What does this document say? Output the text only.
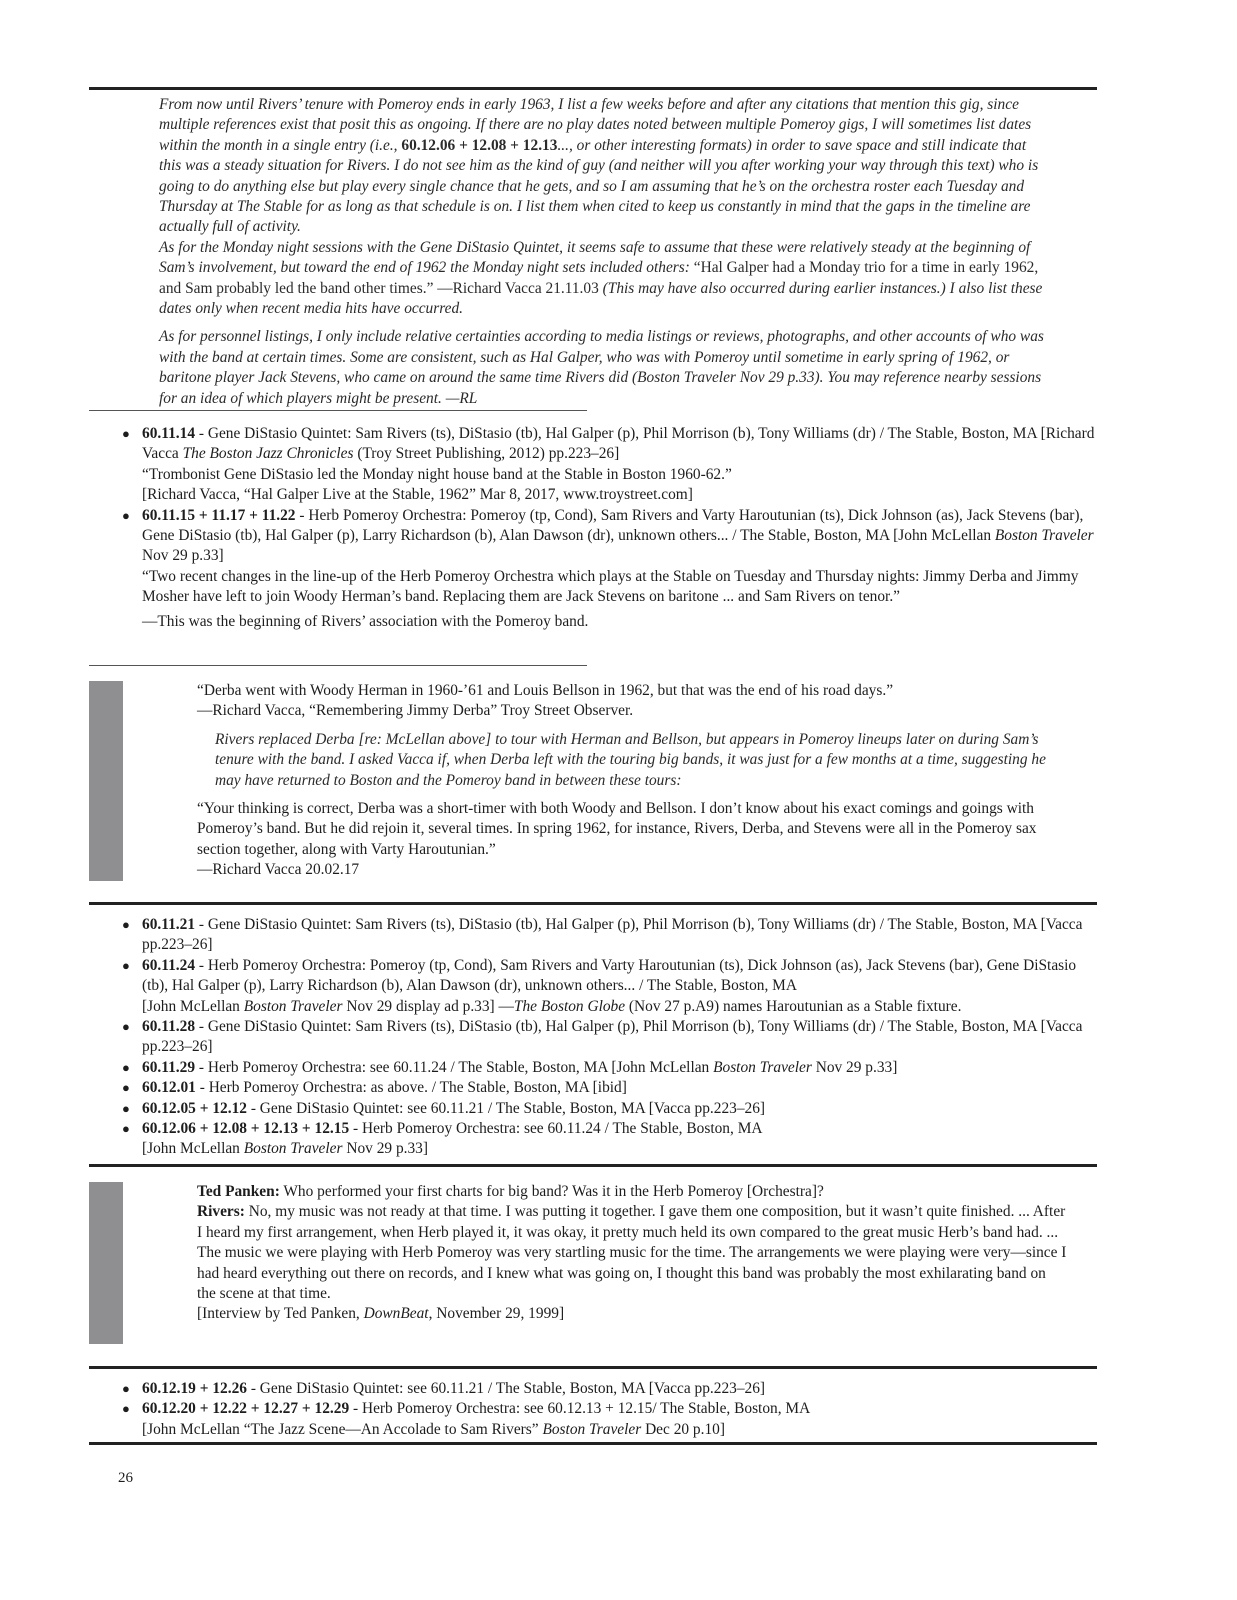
From now until Rivers’ tenure with Pomeroy ends in early 1963, I list a few weeks before and after any citations that mention this gig, since multiple references exist that posit this as ongoing. If there are no play dates noted between multiple Pomeroy gigs, I will sometimes list dates within the month in a single entry (i.e., 60.12.06 + 12.08 + 12.13..., or other interesting formats) in order to save space and still indicate that this was a steady situation for Rivers. I do not see him as the kind of guy (and neither will you after working your way through this text) who is going to do anything else but play every single chance that he gets, and so I am assuming that he’s on the orchestra roster each Tuesday and Thursday at The Stable for as long as that schedule is on. I list them when cited to keep us constantly in mind that the gaps in the timeline are actually full of activity.

As for the Monday night sessions with the Gene DiStasio Quintet, it seems safe to assume that these were relatively steady at the beginning of Sam’s involvement, but toward the end of 1962 the Monday night sets included others: “Hal Galper had a Monday trio for a time in early 1962, and Sam probably led the band other times.” —Richard Vacca 21.11.03 (This may have also occurred during earlier instances.) I also list these dates only when recent media hits have occurred.

As for personnel listings, I only include relative certainties according to media listings or reviews, photographs, and other accounts of who was with the band at certain times. Some are consistent, such as Hal Galper, who was with Pomeroy until sometime in early spring of 1962, or baritone player Jack Stevens, who came on around the same time Rivers did (Boston Traveler Nov 29 p.33). You may reference nearby sessions for an idea of which players might be present. —RL

● 60.11.14 - Gene DiStasio Quintet: Sam Rivers (ts), DiStasio (tb), Hal Galper (p), Phil Morrison (b), Tony Williams (dr) / The Stable, Boston, MA [Richard Vacca The Boston Jazz Chronicles (Troy Street Publishing, 2012) pp.223–26]
“Trombonist Gene DiStasio led the Monday night house band at the Stable in Boston 1960-62.”
[Richard Vacca, “Hal Galper Live at the Stable, 1962” Mar 8, 2017, www.troystreet.com]
● 60.11.15 + 11.17 + 11.22 - Herb Pomeroy Orchestra: Pomeroy (tp, Cond), Sam Rivers and Varty Haroutunian (ts), Dick Johnson (as), Jack Stevens (bar), Gene DiStasio (tb), Hal Galper (p), Larry Richardson (b), Alan Dawson (dr), unknown others... / The Stable, Boston, MA [John McLellan Boston Traveler Nov 29 p.33]
“Two recent changes in the line-up of the Herb Pomeroy Orchestra which plays at the Stable on Tuesday and Thursday nights: Jimmy Derba and Jimmy Mosher have left to join Woody Herman’s band. Replacing them are Jack Stevens on baritone ... and Sam Rivers on tenor.”
—This was the beginning of Rivers’ association with the Pomeroy band.

“Derba went with Woody Herman in 1960-’61 and Louis Bellson in 1962, but that was the end of his road days.”

—Richard Vacca, “Remembering Jimmy Derba” Troy Street Observer.

Rivers replaced Derba [re: McLellan above] to tour with Herman and Bellson, but appears in Pomeroy lineups later on during Sam’s tenure with the band. I asked Vacca if, when Derba left with the touring big bands, it was just for a few months at a time, suggesting he may have returned to Boston and the Pomeroy band in between these tours:

“Your thinking is correct, Derba was a short-timer with both Woody and Bellson. I don’t know about his exact comings and goings with Pomeroy’s band. But he did rejoin it, several times. In spring 1962, for instance, Rivers, Derba, and Stevens were all in the Pomeroy sax section together, along with Varty Haroutunian.”

—Richard Vacca 20.02.17

● 60.11.21 - Gene DiStasio Quintet: Sam Rivers (ts), DiStasio (tb), Hal Galper (p), Phil Morrison (b), Tony Williams (dr) / The Stable, Boston, MA [Vacca pp.223–26]
● 60.11.24 - Herb Pomeroy Orchestra: Pomeroy (tp, Cond), Sam Rivers and Varty Haroutunian (ts), Dick Johnson (as), Jack Stevens (bar), Gene DiStasio (tb), Hal Galper (p), Larry Richardson (b), Alan Dawson (dr), unknown others... / The Stable, Boston, MA
[John McLellan Boston Traveler Nov 29 display ad p.33] —The Boston Globe (Nov 27 p.A9) names Haroutunian as a Stable fixture.
● 60.11.28 - Gene DiStasio Quintet: Sam Rivers (ts), DiStasio (tb), Hal Galper (p), Phil Morrison (b), Tony Williams (dr) / The Stable, Boston, MA [Vacca pp.223–26]
● 60.11.29 - Herb Pomeroy Orchestra: see 60.11.24 / The Stable, Boston, MA [John McLellan Boston Traveler Nov 29 p.33]
● 60.12.01 - Herb Pomeroy Orchestra: as above. / The Stable, Boston, MA [ibid]
● 60.12.05 + 12.12 - Gene DiStasio Quintet: see 60.11.21 / The Stable, Boston, MA [Vacca pp.223–26]
● 60.12.06 + 12.08 + 12.13 + 12.15 - Herb Pomeroy Orchestra: see 60.11.24 / The Stable, Boston, MA
[John McLellan Boston Traveler Nov 29 p.33]

Ted Panken: Who performed your first charts for big band? Was it in the Herb Pomeroy [Orchestra]?

Rivers: No, my music was not ready at that time. I was putting it together. I gave them one composition, but it wasn’t quite finished. ... After I heard my first arrangement, when Herb played it, it was okay, it pretty much held its own compared to the great music Herb’s band had. ...

The music we were playing with Herb Pomeroy was very startling music for the time. The arrangements we were playing were very—since I had heard everything out there on records, and I knew what was going on, I thought this band was probably the most exhilarating band on the scene at that time.

[Interview by Ted Panken, DownBeat, November 29, 1999]

● 60.12.19 + 12.26 - Gene DiStasio Quintet: see 60.11.21 / The Stable, Boston, MA [Vacca pp.223–26]
● 60.12.20 + 12.22 + 12.27 + 12.29 - Herb Pomeroy Orchestra: see 60.12.13 + 12.15/ The Stable, Boston, MA
[John McLellan “The Jazz Scene—An Accolade to Sam Rivers” Boston Traveler Dec 20 p.10]
26
